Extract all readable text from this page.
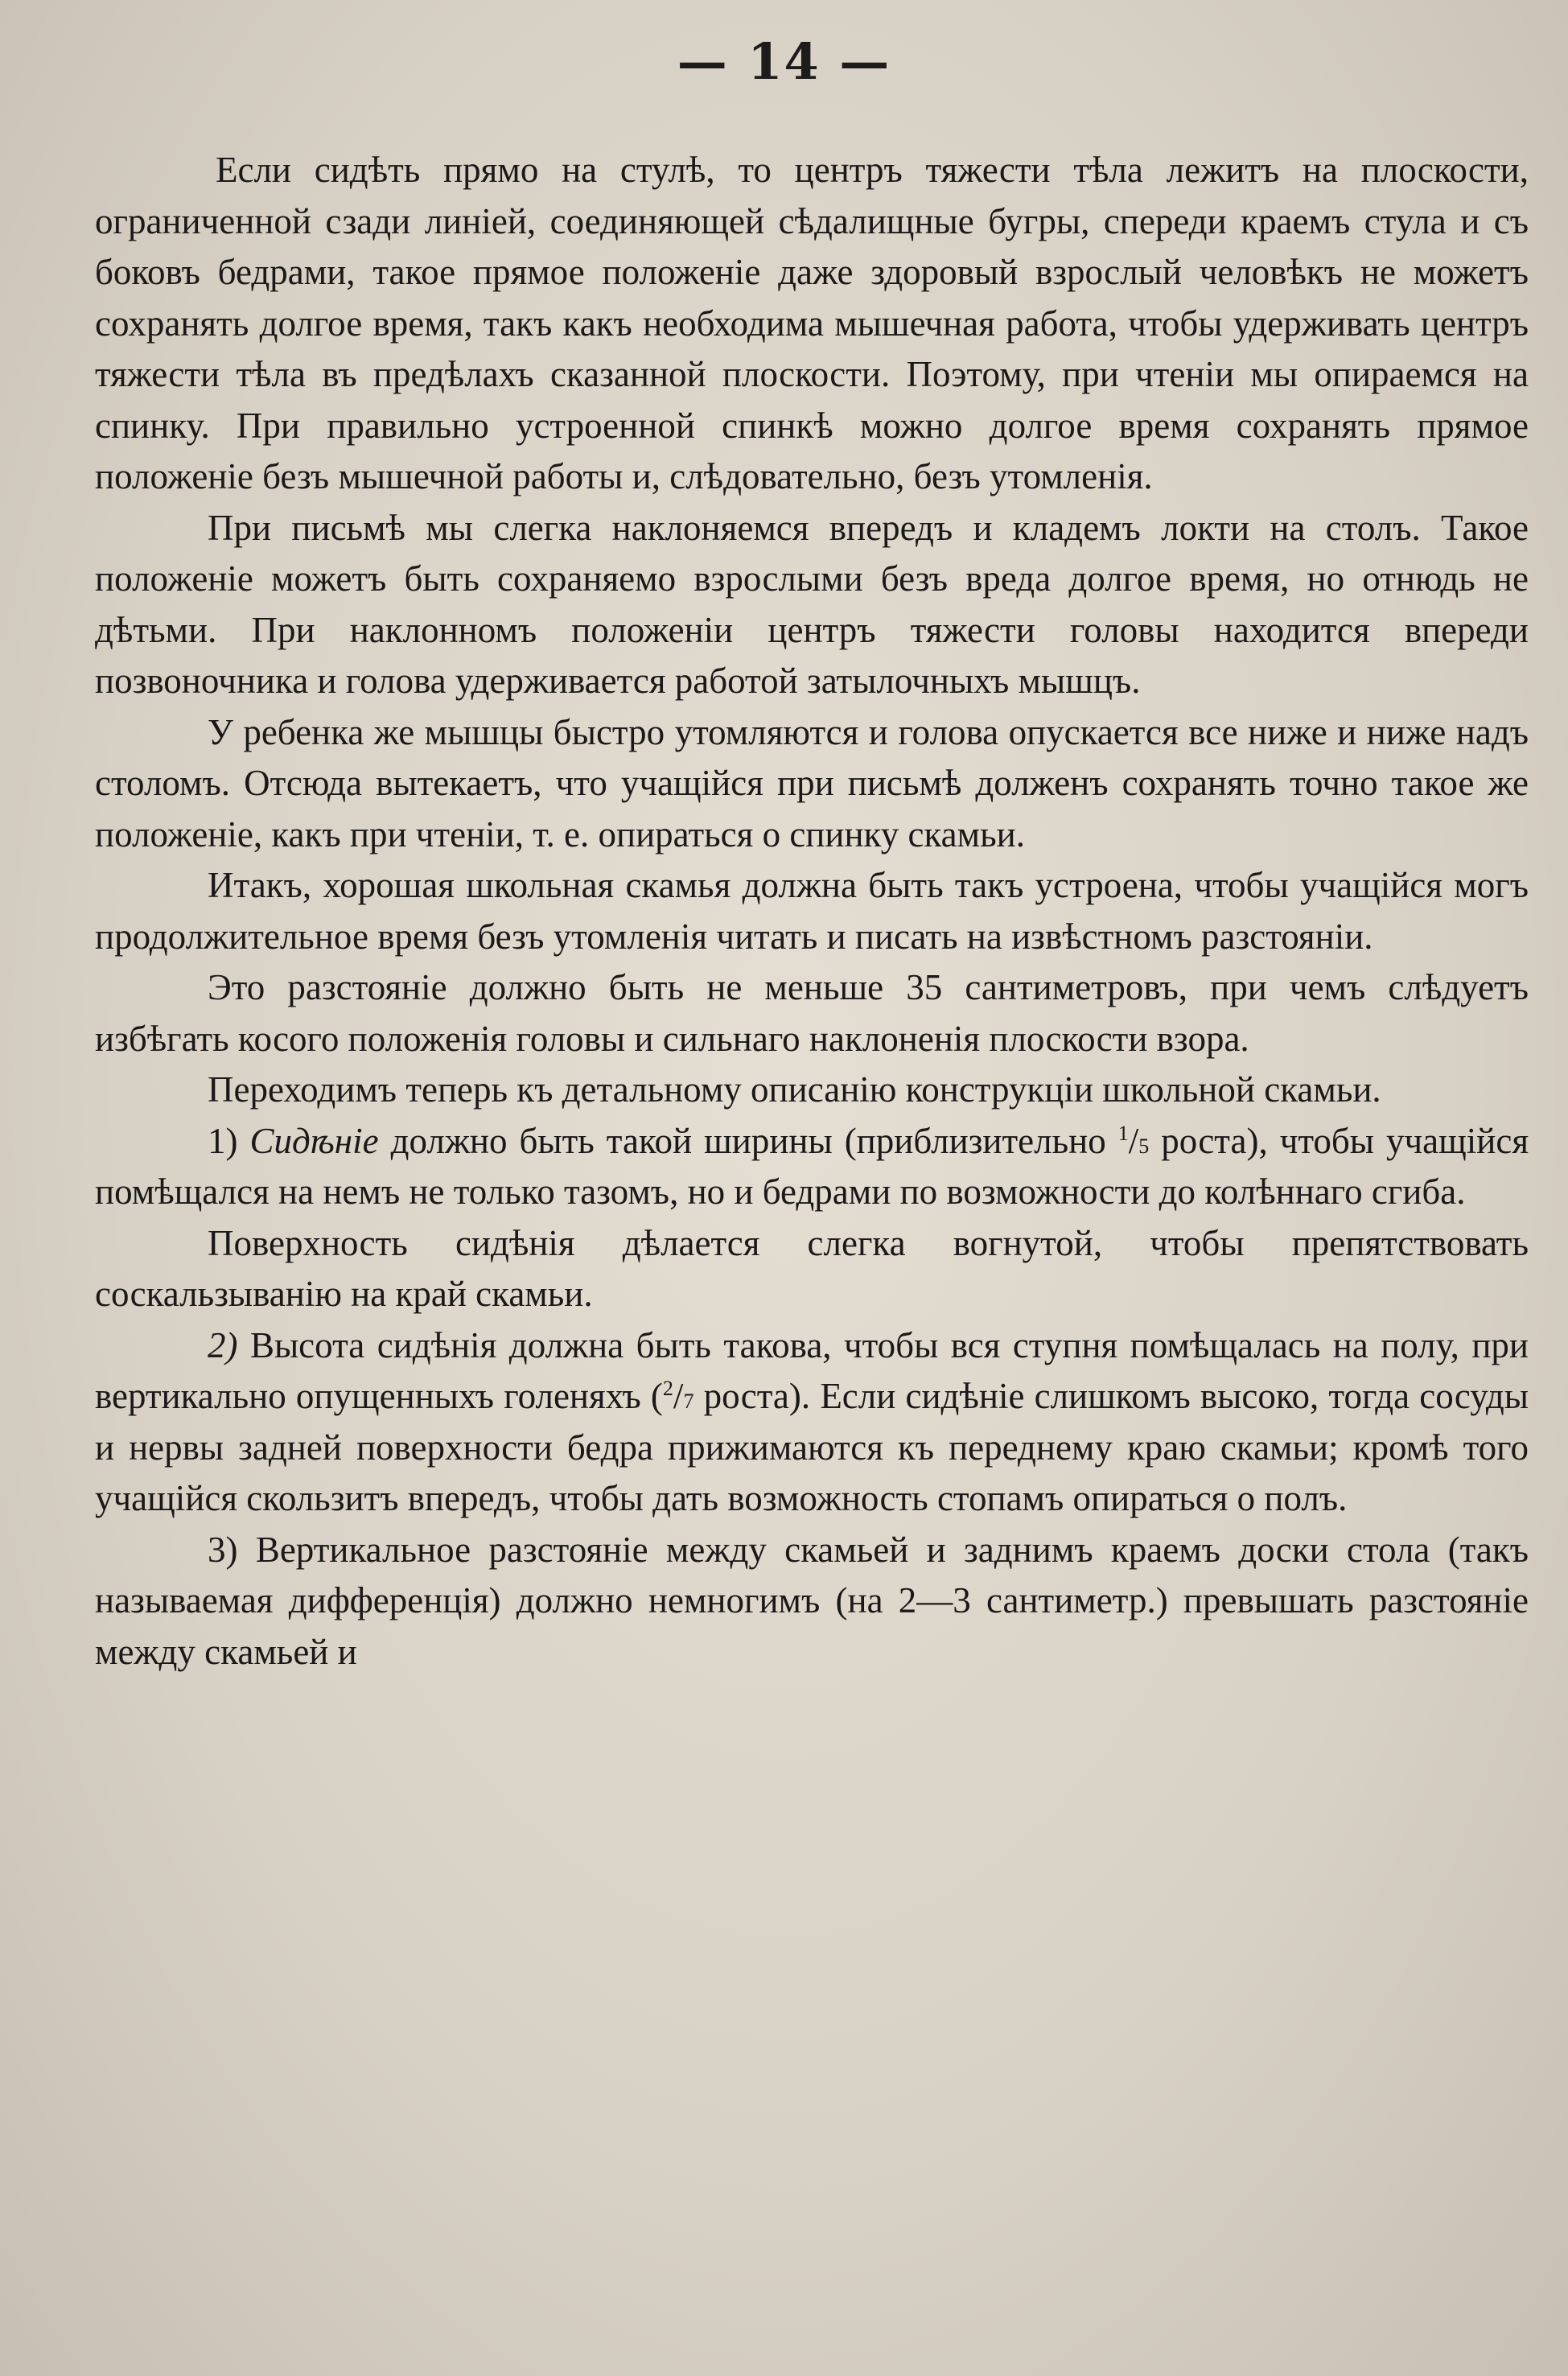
— 14 —

Если сидѣть прямо на стулѣ, то центръ тяжести тѣла лежитъ на плоскости, ограниченной сзади линіей, соединяющей сѣдалищные бугры, спереди краемъ стула и съ боковъ бедрами, такое прямое положеніе даже здоровый взрослый человѣкъ не можетъ сохранять долгое время, такъ какъ необходима мышечная работа, чтобы удерживать центръ тяжести тѣла въ предѣлахъ сказанной плоскости. Поэтому, при чтеніи мы опираемся на спинку. При правильно устроенной спинкѣ можно долгое время сохранять прямое положеніе безъ мышечной работы и, слѣдовательно, безъ утомленія.

При письмѣ мы слегка наклоняемся впередъ и кладемъ локти на столъ. Такое положеніе можетъ быть сохраняемо взрослыми безъ вреда долгое время, но отнюдь не дѣтьми. При наклонномъ положеніи центръ тяжести головы находится впереди позвоночника и голова удерживается работой затылочныхъ мышцъ.

У ребенка же мышцы быстро утомляются и голова опускается все ниже и ниже надъ столомъ. Отсюда вытекаетъ, что учащійся при письмѣ долженъ сохранять точно такое же положеніе, какъ при чтеніи, т. е. опираться о спинку скамьи.

Итакъ, хорошая школьная скамья должна быть такъ устроена, чтобы учащійся могъ продолжительное время безъ утомленія читать и писать на извѣстномъ разстояніи.

Это разстояніе должно быть не меньше 35 сантиметровъ, при чемъ слѣдуетъ избѣгать косого положенія головы и сильнаго наклоненія плоскости взора.

Переходимъ теперь къ детальному описанію конструкціи школьной скамьи.

1) Сидѣніе должно быть такой ширины (приблизительно $^1$/5 роста), чтобы учащійся помѣщался на немъ не только тазомъ, но и бедрами по возможности до колѣннаго сгиба.

Поверхность сидѣнія дѣлается слегка вогнутой, чтобы препятствовать соскальзыванію на край скамьи.

2) Высота сидѣнія должна быть такова, чтобы вся ступня помѣщалась на полу, при вертикально опущенныхъ голеняхъ ($^2$/7 роста). Если сидѣніе слишкомъ высоко, тогда сосуды и нервы задней поверхности бедра прижимаются къ переднему краю скамьи; кромѣ того учащійся скользитъ впередъ, чтобы дать возможность стопамъ опираться о полъ.

3) Вертикальное разстояніе между скамьей и заднимъ краемъ доски стола (такъ называемая дифференція) должно немногимъ (на 2—3 сантиметр.) превышать разстояніе между скамьей и
